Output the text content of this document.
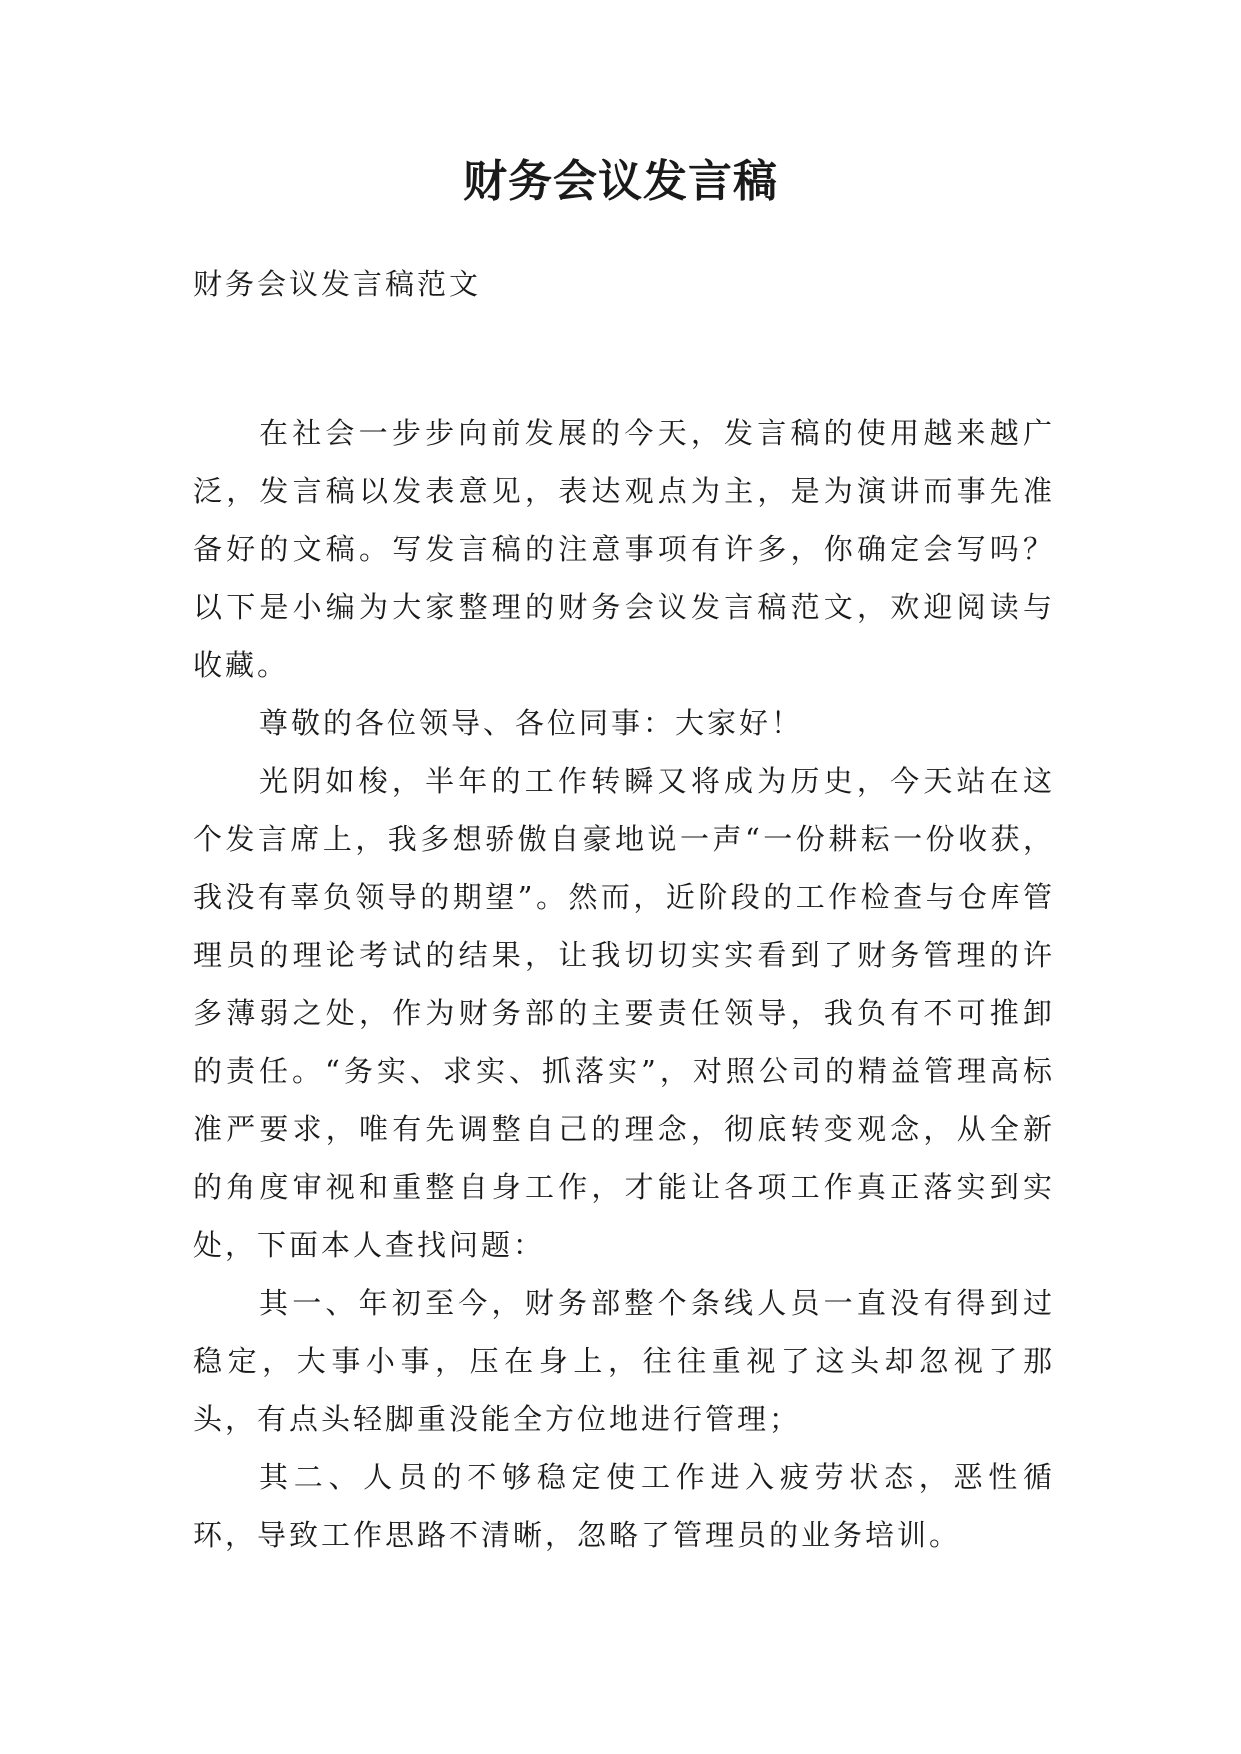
财务会议发言稿

财务会议发言稿范文

在社会一步步向前发展的今天，发言稿的使用越来越广泛，发言稿以发表意见，表达观点为主，是为演讲而事先准备好的文稿。写发言稿的注意事项有许多，你确定会写吗？以下是小编为大家整理的财务会议发言稿范文，欢迎阅读与收藏。

尊敬的各位领导、各位同事：大家好！

光阴如梭，半年的工作转瞬又将成为历史，今天站在这个发言席上，我多想骄傲自豪地说一声“一份耕耘一份收获，我没有辜负领导的期望”。然而，近阶段的工作检查与仓库管理员的理论考试的结果，让我切切实实看到了财务管理的许多薄弱之处，作为财务部的主要责任领导，我负有不可推卸的责任。“务实、求实、抓落实”，对照公司的精益管理高标准严要求，唯有先调整自己的理念，彻底转变观念，从全新的角度审视和重整自身工作，才能让各项工作真正落实到实处，下面本人查找问题：

其一、年初至今，财务部整个条线人员一直没有得到过稳定，大事小事，压在身上，往往重视了这头却忽视了那头，有点头轻脚重没能全方位地进行管理；

其二、人员的不够稳定使工作进入疲劳状态，恶性循环，导致工作思路不清晰，忽略了管理员的业务培训。
